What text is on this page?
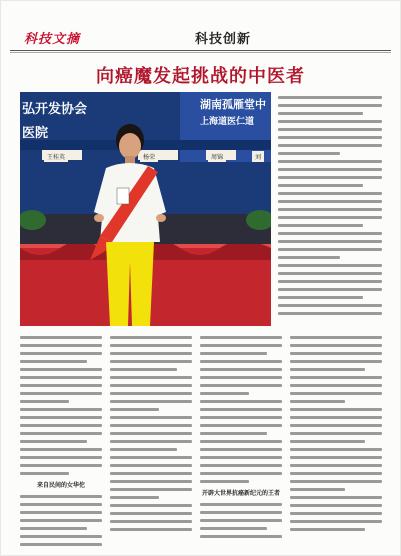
科技文摘	科技创新
向癌魔发起挑战的中医者
弘开发协会
医院
湖南孤雁堂中
上海道医仁道
王桂英	杨荣	周锦	刘
来自民间的女华佗
开辟大世界抗癌新纪元的王者
